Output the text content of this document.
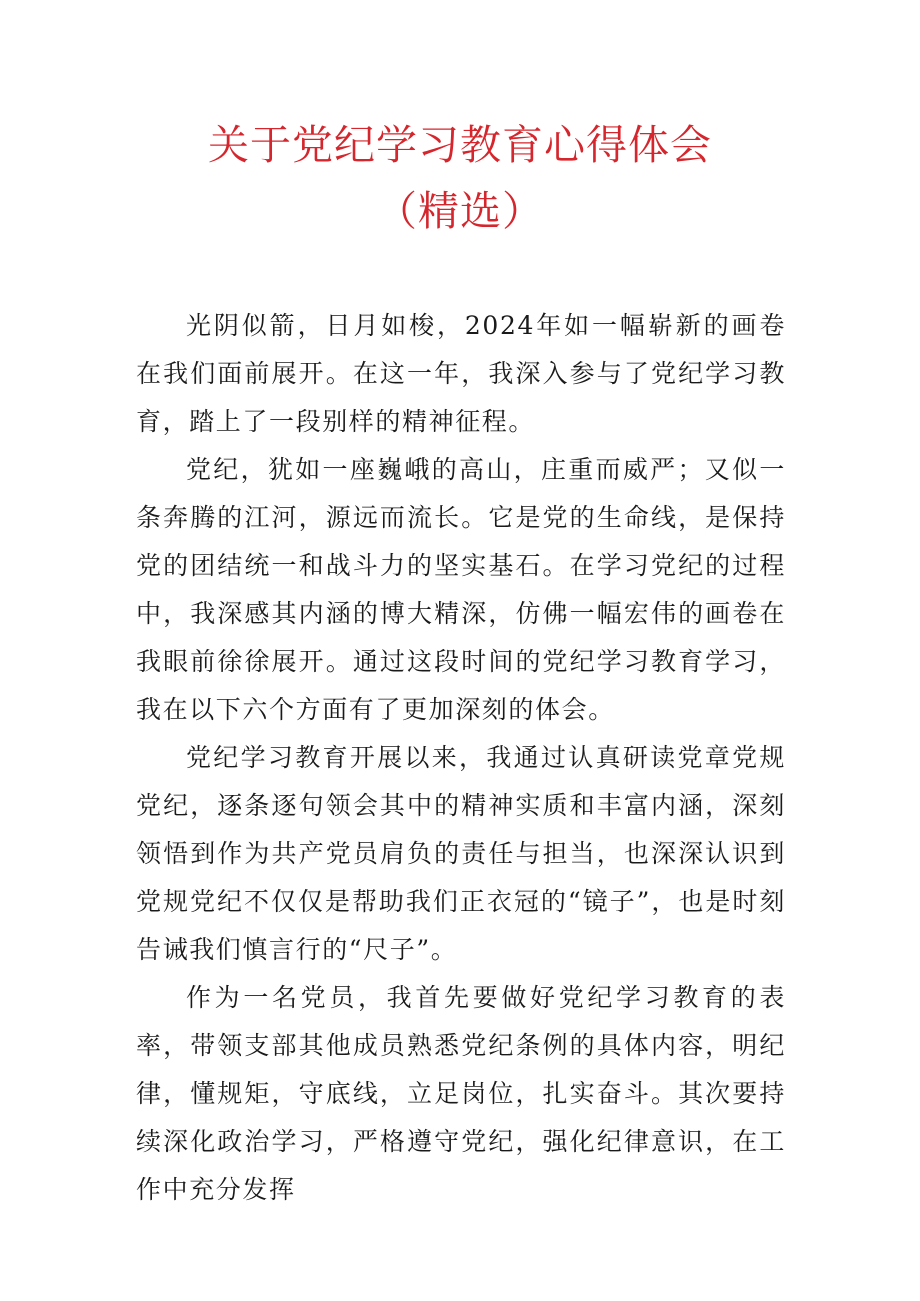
关于党纪学习教育心得体会
（精选）

光阴似箭，日月如梭，2024年如一幅崭新的画卷在我们面前展开。在这一年，我深入参与了党纪学习教育，踏上了一段别样的精神征程。

党纪，犹如一座巍峨的高山，庄重而威严；又似一条奔腾的江河，源远而流长。它是党的生命线，是保持党的团结统一和战斗力的坚实基石。在学习党纪的过程中，我深感其内涵的博大精深，仿佛一幅宏伟的画卷在我眼前徐徐展开。通过这段时间的党纪学习教育学习，我在以下六个方面有了更加深刻的体会。

党纪学习教育开展以来，我通过认真研读党章党规党纪，逐条逐句领会其中的精神实质和丰富内涵，深刻领悟到作为共产党员肩负的责任与担当，也深深认识到党规党纪不仅仅是帮助我们正衣冠的“镜子”，也是时刻告诫我们慎言行的“尺子”。

作为一名党员，我首先要做好党纪学习教育的表率，带领支部其他成员熟悉党纪条例的具体内容，明纪律，懂规矩，守底线，立足岗位，扎实奋斗。其次要持续深化政治学习，严格遵守党纪，强化纪律意识，在工作中充分发挥
